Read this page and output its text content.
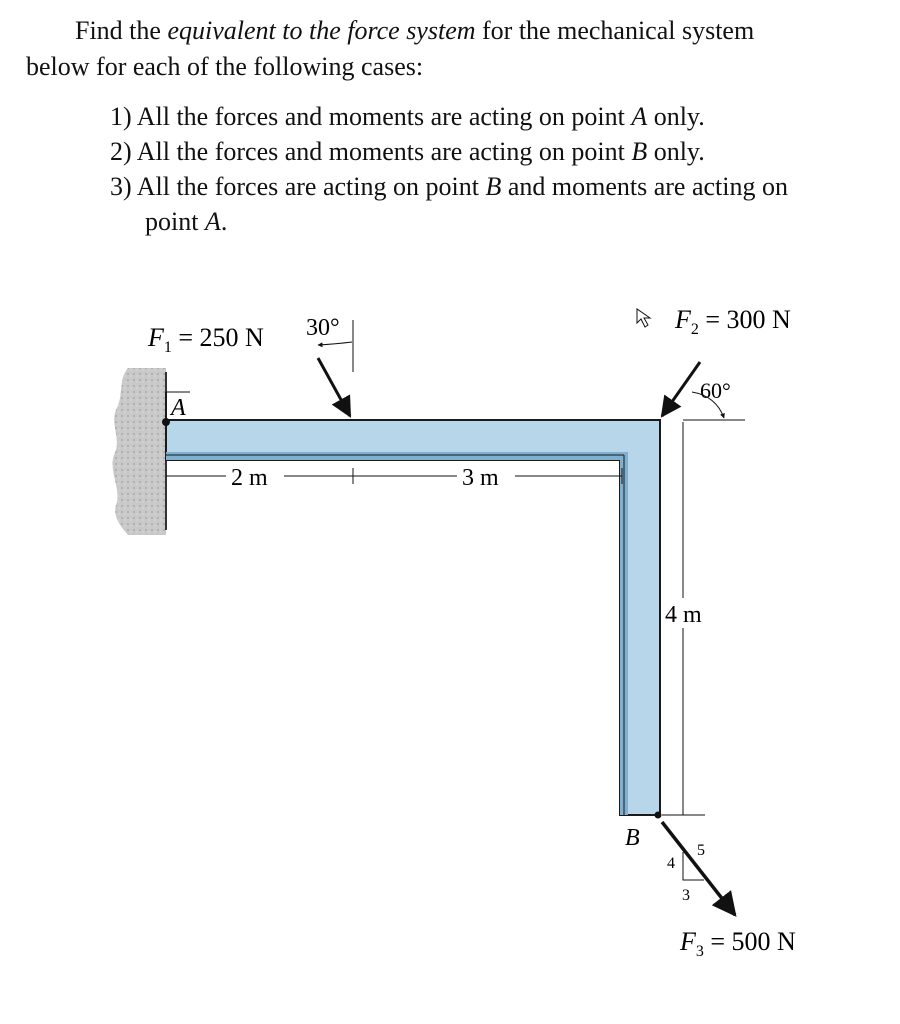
Find the equivalent to the force system for the mechanical system
below for each of the following cases:
1) All the forces and moments are acting on point A only.
2) All the forces and moments are acting on point B only.
3) All the forces are acting on point B and moments are acting on
point A.
A
B
30°
$F_1 = 250$ N
60°
$F_2 = 300$ N
5
4
3
$F_3 = 500$ N
2 m	3 m
4 m
